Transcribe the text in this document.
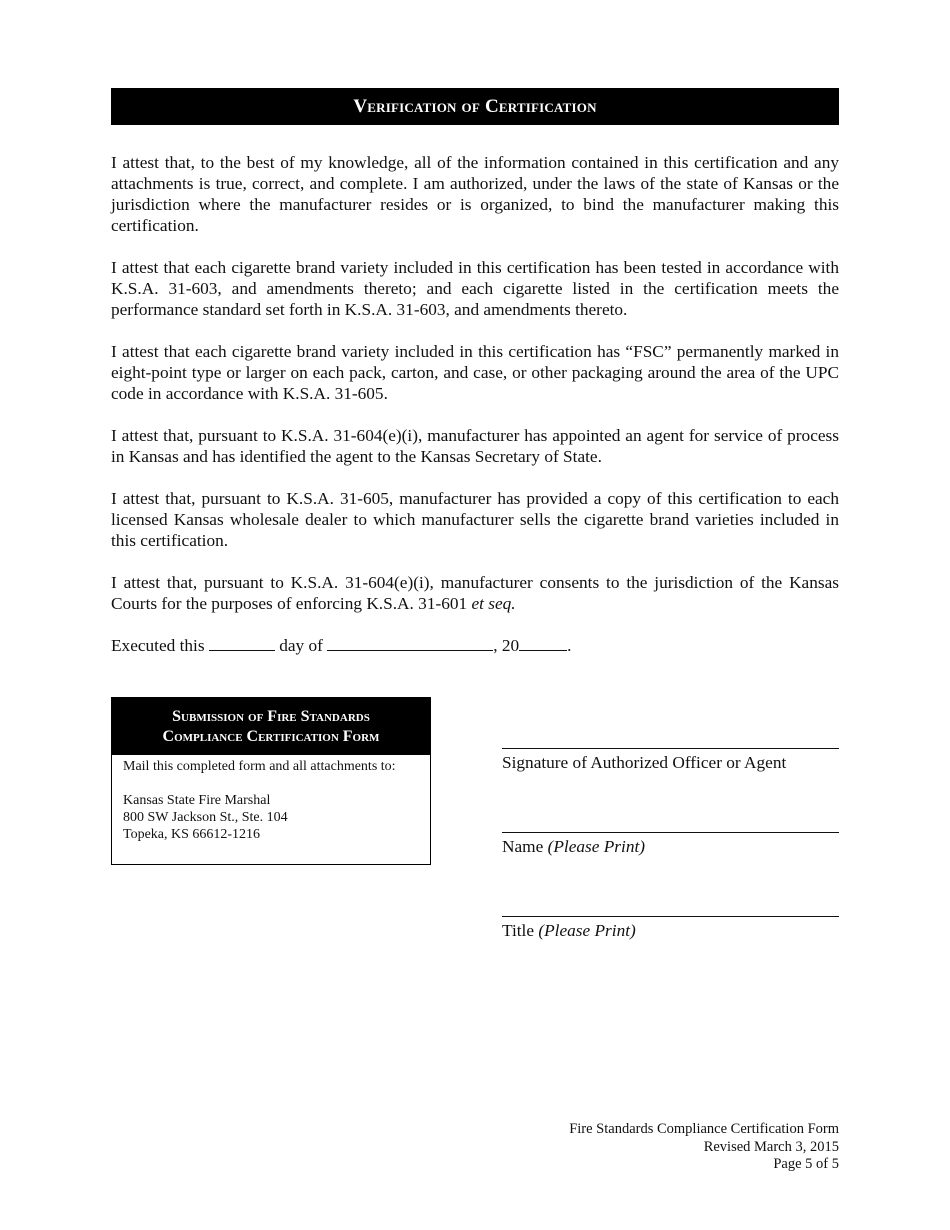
Verification of Certification
I attest that, to the best of my knowledge, all of the information contained in this certification and any attachments is true, correct, and complete. I am authorized, under the laws of the state of Kansas or the jurisdiction where the manufacturer resides or is organized, to bind the manufacturer making this certification.
I attest that each cigarette brand variety included in this certification has been tested in accordance with K.S.A. 31-603, and amendments thereto; and each cigarette listed in the certification meets the performance standard set forth in K.S.A. 31-603, and amendments thereto.
I attest that each cigarette brand variety included in this certification has “FSC” permanently marked in eight-point type or larger on each pack, carton, and case, or other packaging around the area of the UPC code in accordance with K.S.A. 31-605.
I attest that, pursuant to K.S.A. 31-604(e)(i), manufacturer has appointed an agent for service of process in Kansas and has identified the agent to the Kansas Secretary of State.
I attest that, pursuant to K.S.A. 31-605, manufacturer has provided a copy of this certification to each licensed Kansas wholesale dealer to which manufacturer sells the cigarette brand varieties included in this certification.
I attest that, pursuant to K.S.A. 31-604(e)(i), manufacturer consents to the jurisdiction of the Kansas Courts for the purposes of enforcing K.S.A. 31-601 et seq.
Executed this	day of	, 20	.
Submission of Fire Standards
Compliance Certification Form
Mail this completed form and all attachments to:
Kansas State Fire Marshal
800 SW Jackson St., Ste. 104
Topeka, KS 66612-1216
Signature of Authorized Officer or Agent
Name (Please Print)
Title (Please Print)
Fire Standards Compliance Certification Form
Revised March 3, 2015
Page 5 of 5
